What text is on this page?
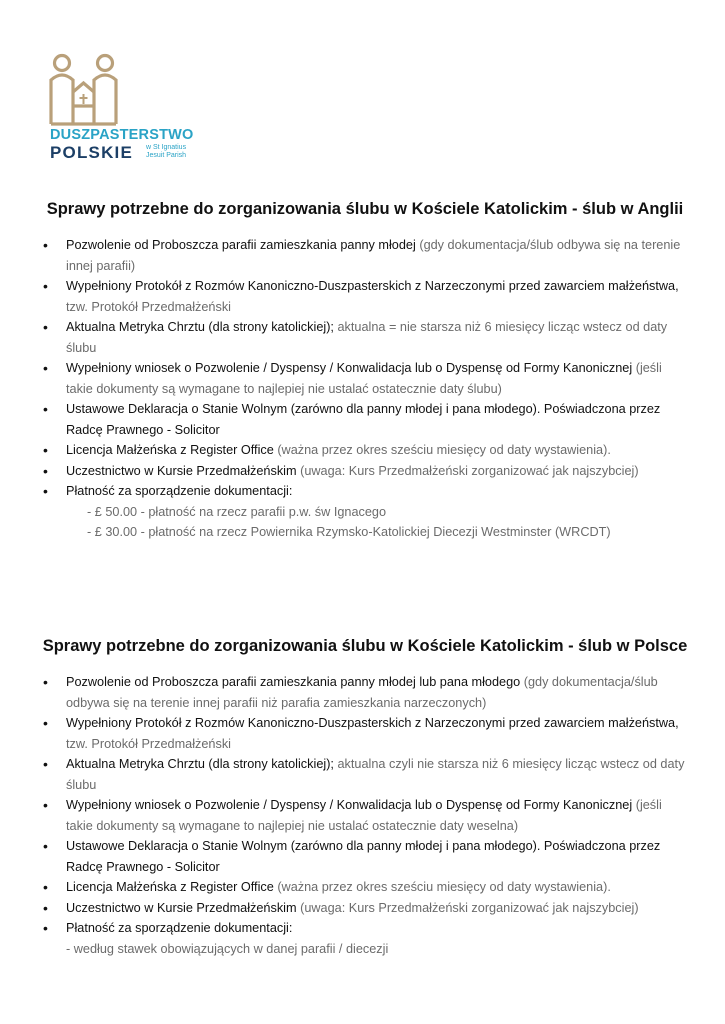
DUSZPASTERSTWO
POLSKIE w St Ignatius
Jesuit Parish
Sprawy potrzebne do zorganizowania ślubu w Kościele Katolickim - ślub w Anglii
• Pozwolenie od Proboszcza parafii zamieszkania panny młodej (gdy dokumentacja/ślub odbywa się na terenie innej parafii)
• Wypełniony Protokół z Rozmów Kanoniczno-Duszpasterskich z Narzeczonymi przed zawarciem małżeństwa, tzw. Protokół Przedmałżeński
• Aktualna Metryka Chrztu (dla strony katolickiej); aktualna = nie starsza niż 6 miesięcy licząc wstecz od daty ślubu
• Wypełniony wniosek o Pozwolenie / Dyspensy / Konwalidacja lub o Dyspensę od Formy Kanonicznej (jeśli takie dokumenty są wymagane to najlepiej nie ustalać ostatecznie daty ślubu)
• Ustawowe Deklaracja o Stanie Wolnym (zarówno dla panny młodej i pana młodego). Poświadczona przez Radcę Prawnego - Solicitor
• Licencja Małżeńska z Register Office (ważna przez okres sześciu miesięcy od daty wystawienia).
• Uczestnictwo w Kursie Przedmałżeńskim (uwaga: Kurs Przedmałżeński zorganizować jak najszybciej)
• Płatność za sporządzenie dokumentacji:
- £ 50.00 - płatność na rzecz parafii p.w. św Ignacego
- £ 30.00 - płatność na rzecz Powiernika Rzymsko-Katolickiej Diecezji Westminster (WRCDT)
Sprawy potrzebne do zorganizowania ślubu w Kościele Katolickim - ślub w Polsce
• Pozwolenie od Proboszcza parafii zamieszkania panny młodej lub pana młodego (gdy dokumentacja/ślub odbywa się na terenie innej parafii niż parafia zamieszkania narzeczonych)
• Wypełniony Protokół z Rozmów Kanoniczno-Duszpasterskich z Narzeczonymi przed zawarciem małżeństwa, tzw. Protokół Przedmałżeński
• Aktualna Metryka Chrztu (dla strony katolickiej); aktualna czyli nie starsza niż 6 miesięcy licząc wstecz od daty ślubu
• Wypełniony wniosek o Pozwolenie / Dyspensy / Konwalidacja lub o Dyspensę od Formy Kanonicznej (jeśli takie dokumenty są wymagane to najlepiej nie ustalać ostatecznie daty weselna)
• Ustawowe Deklaracja o Stanie Wolnym (zarówno dla panny młodej i pana młodego). Poświadczona przez Radcę Prawnego - Solicitor
• Licencja Małżeńska z Register Office (ważna przez okres sześciu miesięcy od daty wystawienia).
• Uczestnictwo w Kursie Przedmałżeńskim (uwaga: Kurs Przedmałżeński zorganizować jak najszybciej)
• Płatność za sporządzenie dokumentacji:
- według stawek obowiązujących w danej parafii / diecezji
